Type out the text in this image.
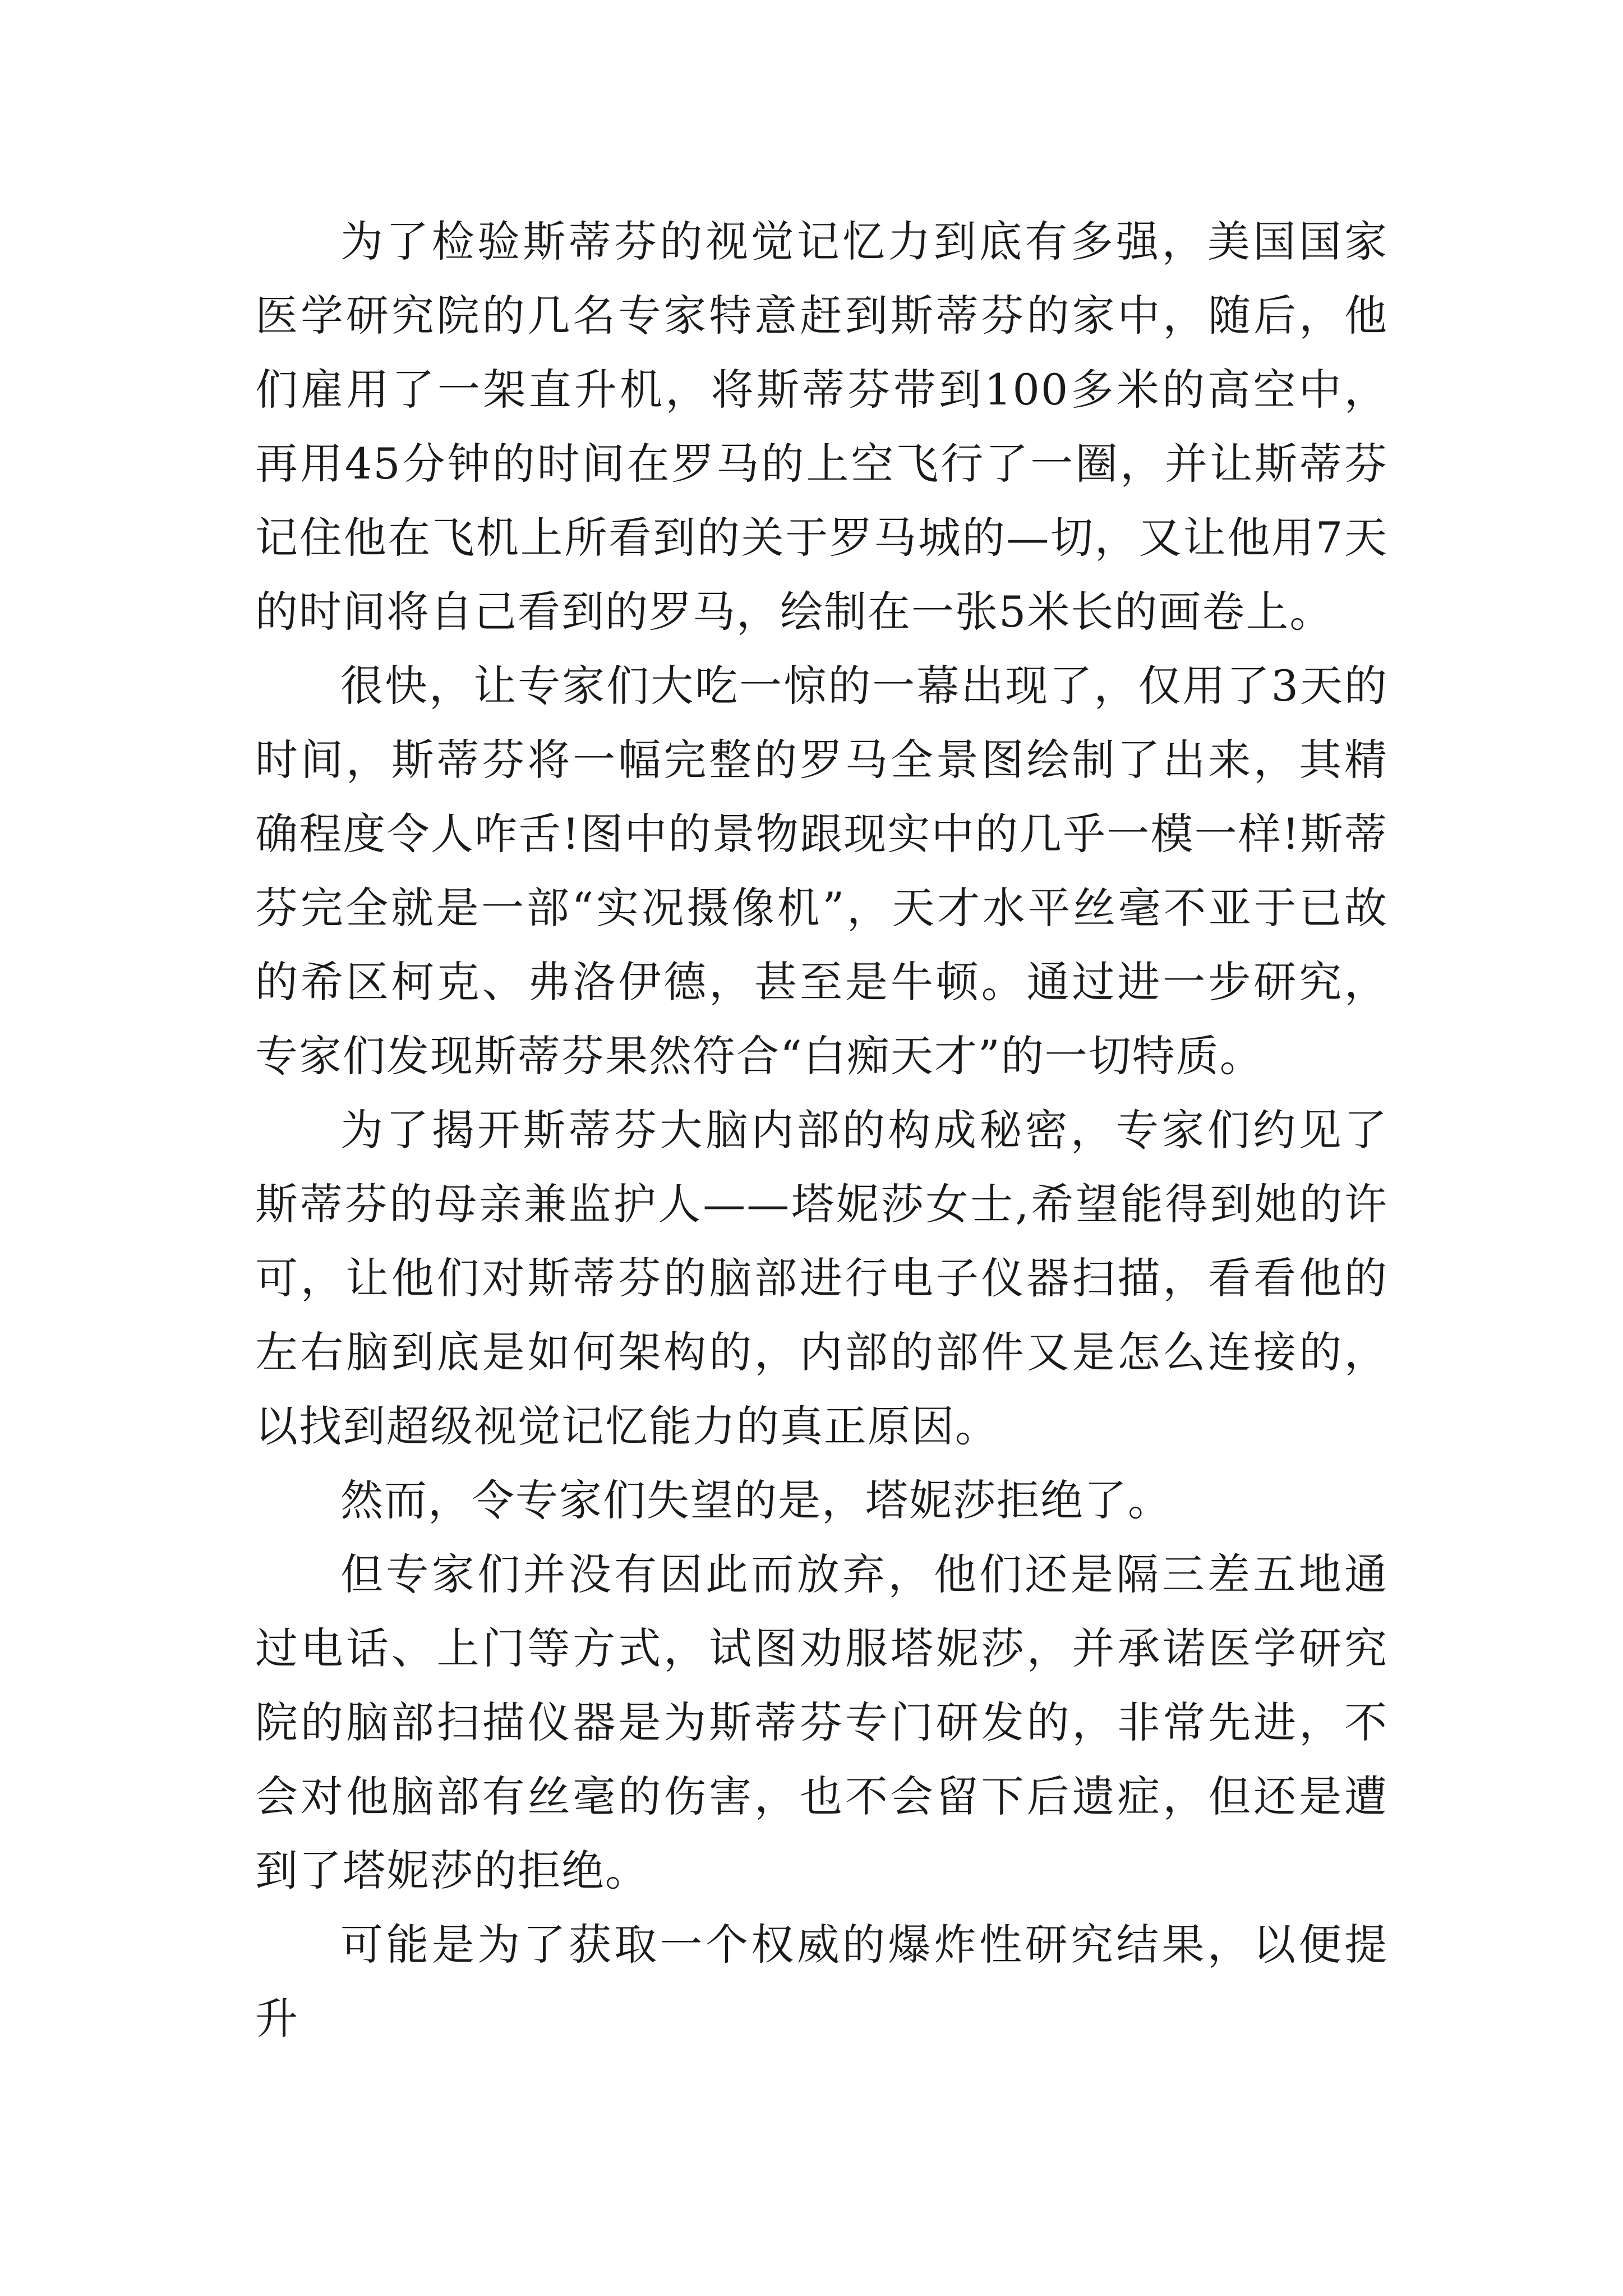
为了检验斯蒂芬的视觉记忆力到底有多强，美国国家医学研究院的几名专家特意赶到斯蒂芬的家中，随后，他们雇用了一架直升机，将斯蒂芬带到100多米的高空中，再用45分钟的时间在罗马的上空飞行了一圈，并让斯蒂芬记住他在飞机上所看到的关于罗马城的—切，又让他用7天的时间将自己看到的罗马，绘制在一张5米长的画卷上。

很快，让专家们大吃一惊的一幕出现了，仅用了3天的时间，斯蒂芬将一幅完整的罗马全景图绘制了出来，其精确程度令人咋舌!图中的景物跟现实中的几乎一模一样!斯蒂芬完全就是一部“实况摄像机”，天才水平丝毫不亚于已故的希区柯克、弗洛伊德，甚至是牛顿。通过进一步研究，专家们发现斯蒂芬果然符合“白痴天才”的一切特质。

为了揭开斯蒂芬大脑内部的构成秘密，专家们约见了斯蒂芬的母亲兼监护人——塔妮莎女士,希望能得到她的许可，让他们对斯蒂芬的脑部进行电子仪器扫描，看看他的左右脑到底是如何架构的，内部的部件又是怎么连接的，以找到超级视觉记忆能力的真正原因。

然而，令专家们失望的是，塔妮莎拒绝了。

但专家们并没有因此而放弃，他们还是隔三差五地通过电话、上门等方式，试图劝服塔妮莎，并承诺医学研究院的脑部扫描仪器是为斯蒂芬专门研发的，非常先进，不会对他脑部有丝毫的伤害，也不会留下后遗症，但还是遭到了塔妮莎的拒绝。

可能是为了获取一个权威的爆炸性研究结果，以便提升
